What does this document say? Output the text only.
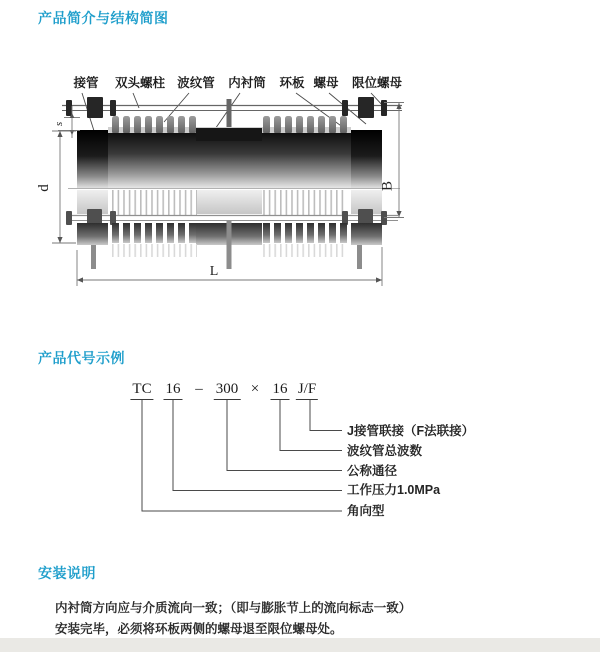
接管 双头螺柱 波纹管 内衬筒 环板 螺母 限位螺母
s
d	B
L
产品简介与结构简图
产品代号示例
安装说明
TC 16 – 300 × 16 J/F
J接管联接（F法联接）
波纹管总波数
公称通径
工作压力1.0MPa
角向型
内衬筒方向应与介质流向一致；（即与膨胀节上的流向标志一致）
安装完毕，必须将环板两侧的螺母退至限位螺母处。
